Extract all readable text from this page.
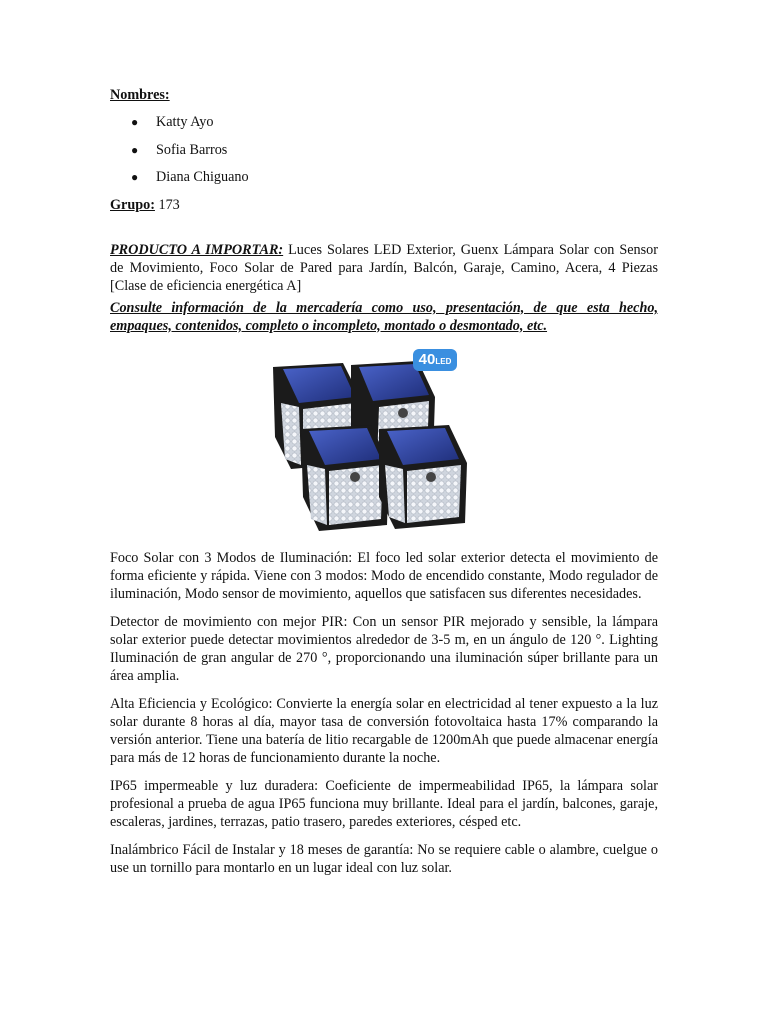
Nombres:

● Katty Ayo
● Sofia Barros
● Diana Chiguano

Grupo: 173

PRODUCTO A IMPORTAR: Luces Solares LED Exterior, Guenx Lámpara Solar con Sensor de Movimiento, Foco Solar de Pared para Jardín, Balcón, Garaje, Camino, Acera, 4 Piezas [Clase de eficiencia energética A]

Consulte información de la mercadería como uso, presentación, de que esta hecho, empaques, contenidos, completo o incompleto, montado o desmontado, etc.

40LED

Foco Solar con 3 Modos de Iluminación: El foco led solar exterior detecta el movimiento de forma eficiente y rápida. Viene con 3 modos: Modo de encendido constante, Modo regulador de iluminación, Modo sensor de movimiento, aquellos que satisfacen sus diferentes necesidades.

Detector de movimiento con mejor PIR: Con un sensor PIR mejorado y sensible, la lámpara solar exterior puede detectar movimientos alrededor de 3-5 m, en un ángulo de 120 °. Lighting Iluminación de gran angular de 270 °, proporcionando una iluminación súper brillante para un área amplia.

Alta Eficiencia y Ecológico: Convierte la energía solar en electricidad al tener expuesto a la luz solar durante 8 horas al día, mayor tasa de conversión fotovoltaica hasta 17% comparando la versión anterior. Tiene una batería de litio recargable de 1200mAh que puede almacenar energía para más de 12 horas de funcionamiento durante la noche.

IP65 impermeable y luz duradera: Coeficiente de impermeabilidad IP65, la lámpara solar profesional a prueba de agua IP65 funciona muy brillante. Ideal para el jardín, balcones, garaje, escaleras, jardines, terrazas, patio trasero, paredes exteriores, césped etc.

Inalámbrico Fácil de Instalar y 18 meses de garantía: No se requiere cable o alambre, cuelgue o use un tornillo para montarlo en un lugar ideal con luz solar.
